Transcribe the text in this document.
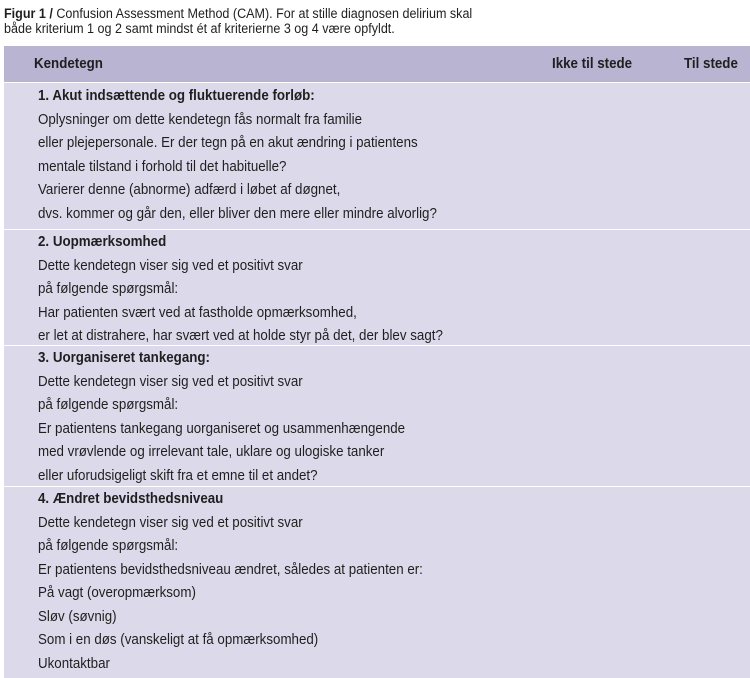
Figur 1 / Confusion Assessment Method (CAM). For at stille diagnosen delirium skal
både kriterium 1 og 2 samt mindst ét af kriterierne 3 og 4 være opfyldt.
Kendetegn	Ikke til stede	Til stede
1. Akut indsættende og fluktuerende forløb:
Oplysninger om dette kendetegn fås normalt fra familie
eller plejepersonale. Er der tegn på en akut ændring i patientens
mentale tilstand i forhold til det habituelle?
Varierer denne (abnorme) adfærd i løbet af døgnet,
dvs. kommer og går den, eller bliver den mere eller mindre alvorlig?
2. Uopmærksomhed
Dette kendetegn viser sig ved et positivt svar
på følgende spørgsmål:
Har patienten svært ved at fastholde opmærksomhed,
er let at distrahere, har svært ved at holde styr på det, der blev sagt?
3. Uorganiseret tankegang:
Dette kendetegn viser sig ved et positivt svar
på følgende spørgsmål:
Er patientens tankegang uorganiseret og usammenhængende
med vrøvlende og irrelevant tale, uklare og ulogiske tanker
eller uforudsigeligt skift fra et emne til et andet?
4. Ændret bevidsthedsniveau
Dette kendetegn viser sig ved et positivt svar
på følgende spørgsmål:
Er patientens bevidsthedsniveau ændret, således at patienten er:
På vagt (overopmærksom)
Sløv (søvnig)
Som i en døs (vanskeligt at få opmærksomhed)
Ukontaktbar
